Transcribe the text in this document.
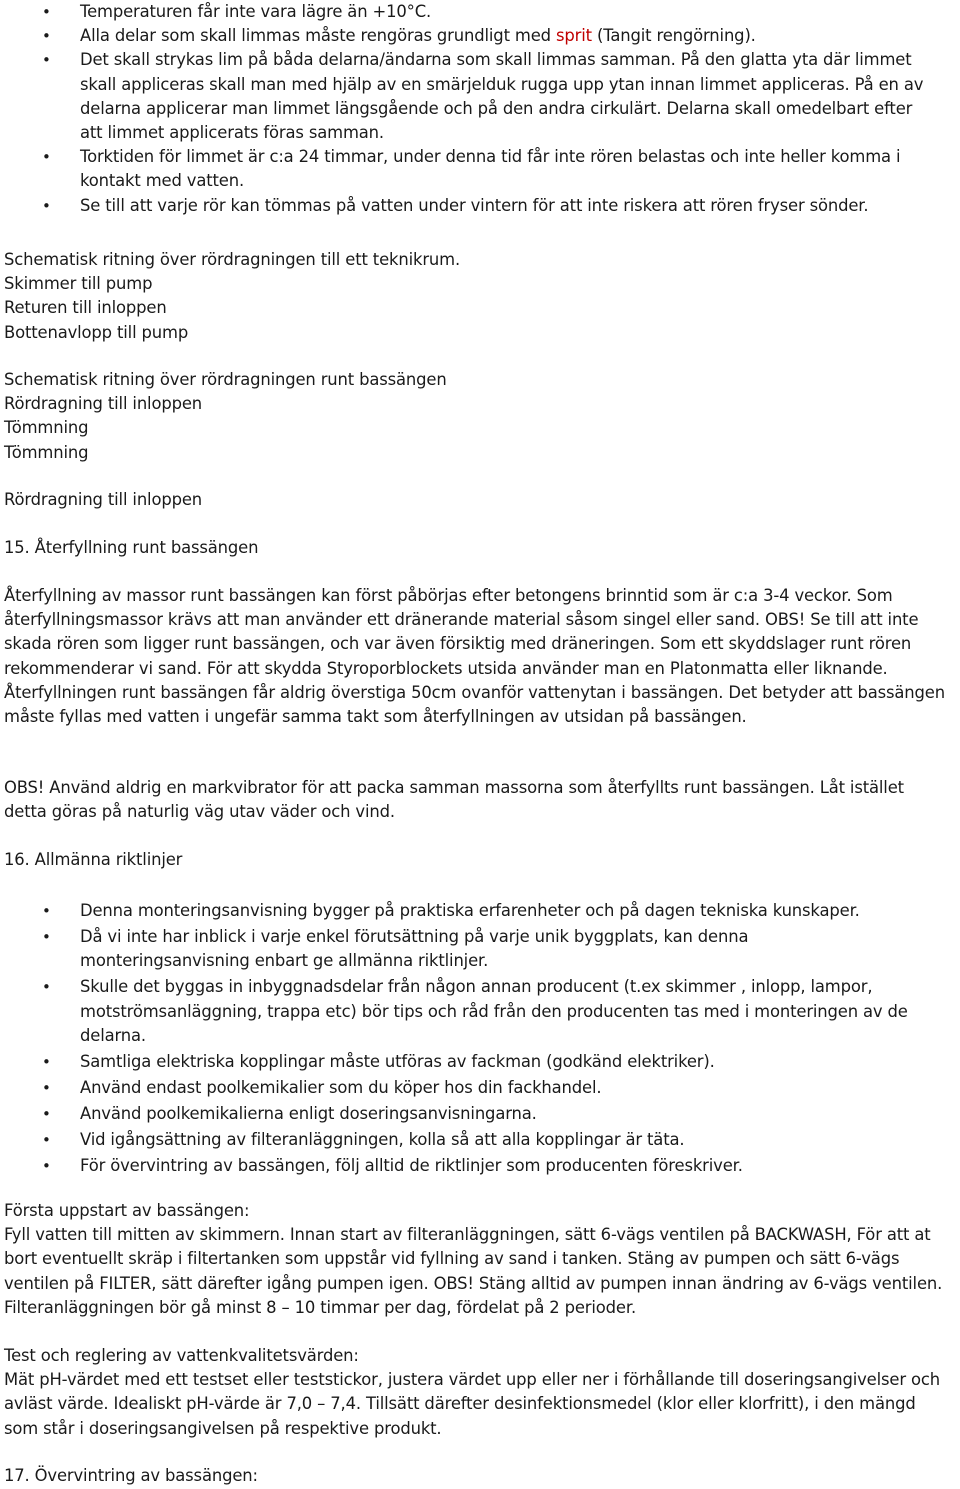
• Temperaturen får inte vara lägre än +10°C.
• Alla delar som skall limmas måste rengöras grundligt med sprit (Tangit rengörning).
• Det skall strykas lim på båda delarna/ändarna som skall limmas samman. På den glatta yta där limmet skall appliceras skall man med hjälp av en smärjelduk rugga upp ytan innan limmet appliceras. På en av delarna applicerar man limmet längsgående och på den andra cirkulärt. Delarna skall omedelbart efter att limmet applicerats föras samman.
• Torktiden för limmet är c:a 24 timmar, under denna tid får inte rören belastas och inte heller komma i kontakt med vatten.
• Se till att varje rör kan tömmas på vatten under vintern för att inte riskera att rören fryser sönder.
Schematisk ritning över rördragningen till ett teknikrum.
Skimmer till pump
Returen till inloppen
Bottenavlopp till pump
Schematisk ritning över rördragningen runt bassängen
Rördragning till inloppen
Tömmning
Tömmning
Rördragning till inloppen
15. Återfyllning runt bassängen

Återfyllning av massor runt bassängen kan först påbörjas efter betongens brinntid som är c:a 3-4 veckor. Som återfyllningsmassor krävs att man använder ett dränerande material såsom singel eller sand. OBS! Se till att inte skada rören som ligger runt bassängen, och var även försiktig med dräneringen. Som ett skyddslager runt rören rekommenderar vi sand. För att skydda Styroporblockets utsida använder man en Platonmatta eller liknande. Återfyllningen runt bassängen får aldrig överstiga 50cm ovanför vattenytan i bassängen. Det betyder att bassängen måste fyllas med vatten i ungefär samma takt som återfyllningen av utsidan på bassängen.

OBS! Använd aldrig en markvibrator för att packa samman massorna som återfyllts runt bassängen. Låt istället detta göras på naturlig väg utav väder och vind.

16. Allmänna riktlinjer
• Denna monteringsanvisning bygger på praktiska erfarenheter och på dagen tekniska kunskaper.
• Då vi inte har inblick i varje enkel förutsättning på varje unik byggplats, kan denna monteringsanvisning enbart ge allmänna riktlinjer.
• Skulle det byggas in inbyggnadsdelar från någon annan producent (t.ex skimmer , inlopp, lampor, motströmsanläggning, trappa etc) bör tips och råd från den producenten tas med i monteringen av de delarna.
• Samtliga elektriska kopplingar måste utföras av fackman (godkänd elektriker).
• Använd endast poolkemikalier som du köper hos din fackhandel.
• Använd poolkemikalierna enligt doseringsanvisningarna.
• Vid igångsättning av filteranläggningen, kolla så att alla kopplingar är täta.
• För övervintring av bassängen, följ alltid de riktlinjer som producenten föreskriver.
Första uppstart av bassängen:

Fyll vatten till mitten av skimmern. Innan start av filteranläggningen, sätt 6-vägs ventilen på BACKWASH, För att at bort eventuellt skräp i filtertanken som uppstår vid fyllning av sand i tanken. Stäng av pumpen och sätt 6-vägs ventilen på FILTER, sätt därefter igång pumpen igen. OBS! Stäng alltid av pumpen innan ändring av 6-vägs ventilen. Filteranläggningen bör gå minst 8 – 10 timmar per dag, fördelat på 2 perioder.

Test och reglering av vattenkvalitetsvärden:

Mät pH-värdet med ett testset eller teststickor, justera värdet upp eller ner i förhållande till doseringsangivelser och avläst värde. Idealiskt pH-värde är 7,0 – 7,4. Tillsätt därefter desinfektionsmedel (klor eller klorfritt), i den mängd som står i doseringsangivelsen på respektive produkt.

17. Övervintring av bassängen:
